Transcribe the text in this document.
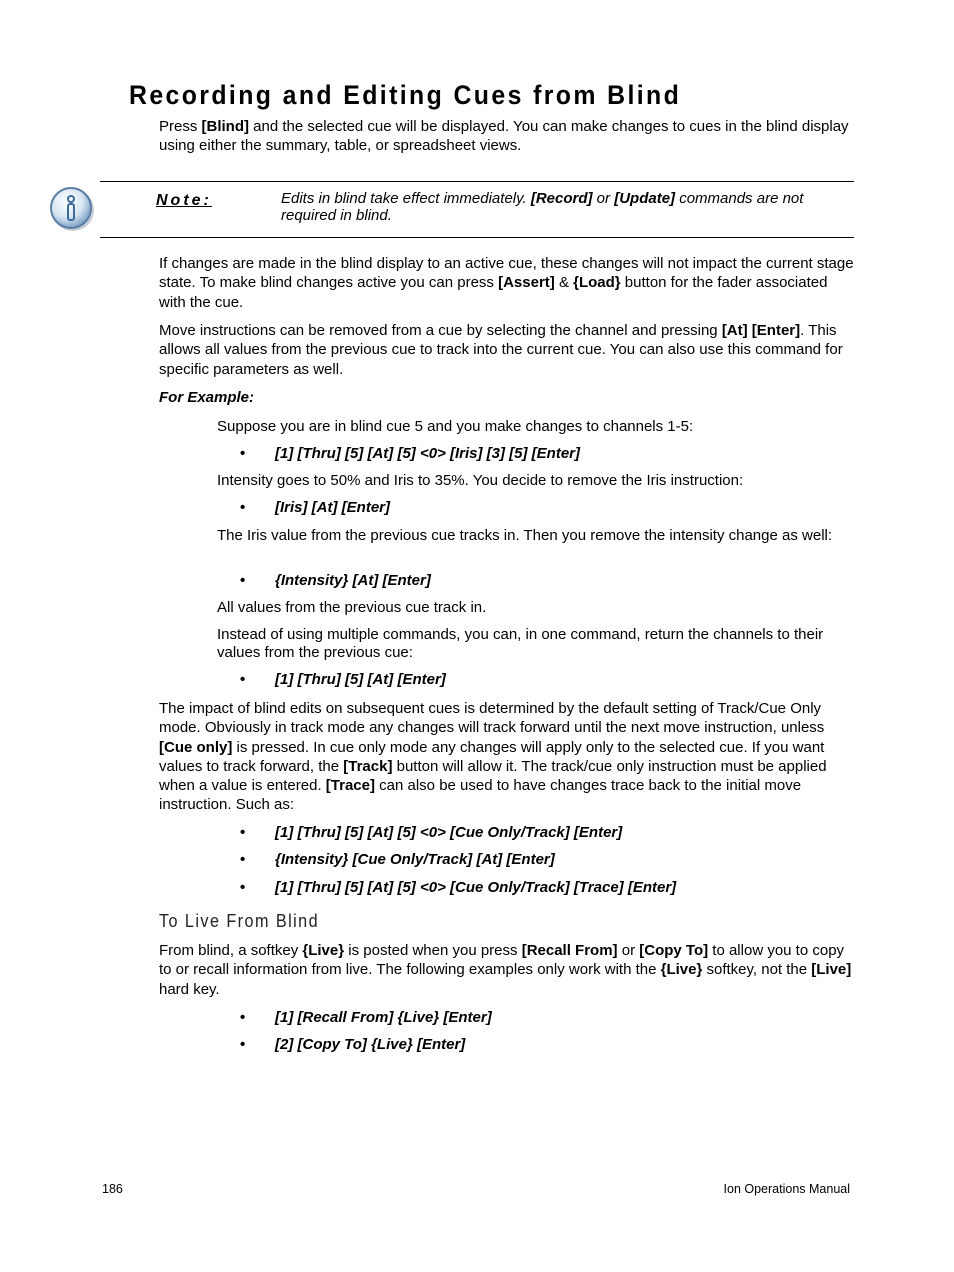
Recording and Editing Cues from Blind

Press [Blind] and the selected cue will be displayed. You can make changes to cues in the blind display using either the summary, table, or spreadsheet views.

Note:	Edits in blind take effect immediately. [Record] or [Update] commands are not required in blind.

If changes are made in the blind display to an active cue, these changes will not impact the current stage state. To make blind changes active you can press [Assert] & {Load} button for the fader associated with the cue.

Move instructions can be removed from a cue by selecting the channel and pressing [At] [Enter]. This allows all values from the previous cue to track into the current cue. You can also use this command for specific parameters as well.

For Example:

Suppose you are in blind cue 5 and you make changes to channels 1-5:

• [1] [Thru] [5] [At] [5] <0> [Iris] [3] [5] [Enter]

Intensity goes to 50% and Iris to 35%. You decide to remove the Iris instruction:

• [Iris] [At] [Enter]

The Iris value from the previous cue tracks in. Then you remove the intensity change as well:

• {Intensity} [At] [Enter]

All values from the previous cue track in.

Instead of using multiple commands, you can, in one command, return the channels to their values from the previous cue:

• [1] [Thru] [5] [At] [Enter]

The impact of blind edits on subsequent cues is determined by the default setting of Track/Cue Only mode. Obviously in track mode any changes will track forward until the next move instruction, unless [Cue only] is pressed. In cue only mode any changes will apply only to the selected cue. If you want values to track forward, the [Track] button will allow it. The track/cue only instruction must be applied when a value is entered. [Trace] can also be used to have changes trace back to the initial move instruction. Such as:

• [1] [Thru] [5] [At] [5] <0> [Cue Only/Track] [Enter]
• {Intensity} [Cue Only/Track] [At] [Enter]
• [1] [Thru] [5] [At] [5] <0> [Cue Only/Track] [Trace] [Enter]
To Live From Blind

From blind, a softkey {Live} is posted when you press [Recall From] or [Copy To] to allow you to copy to or recall information from live. The following examples only work with the {Live} softkey, not the [Live] hard key.

• [1] [Recall From] {Live} [Enter]
• [2] [Copy To] {Live} [Enter]
186	Ion Operations Manual
